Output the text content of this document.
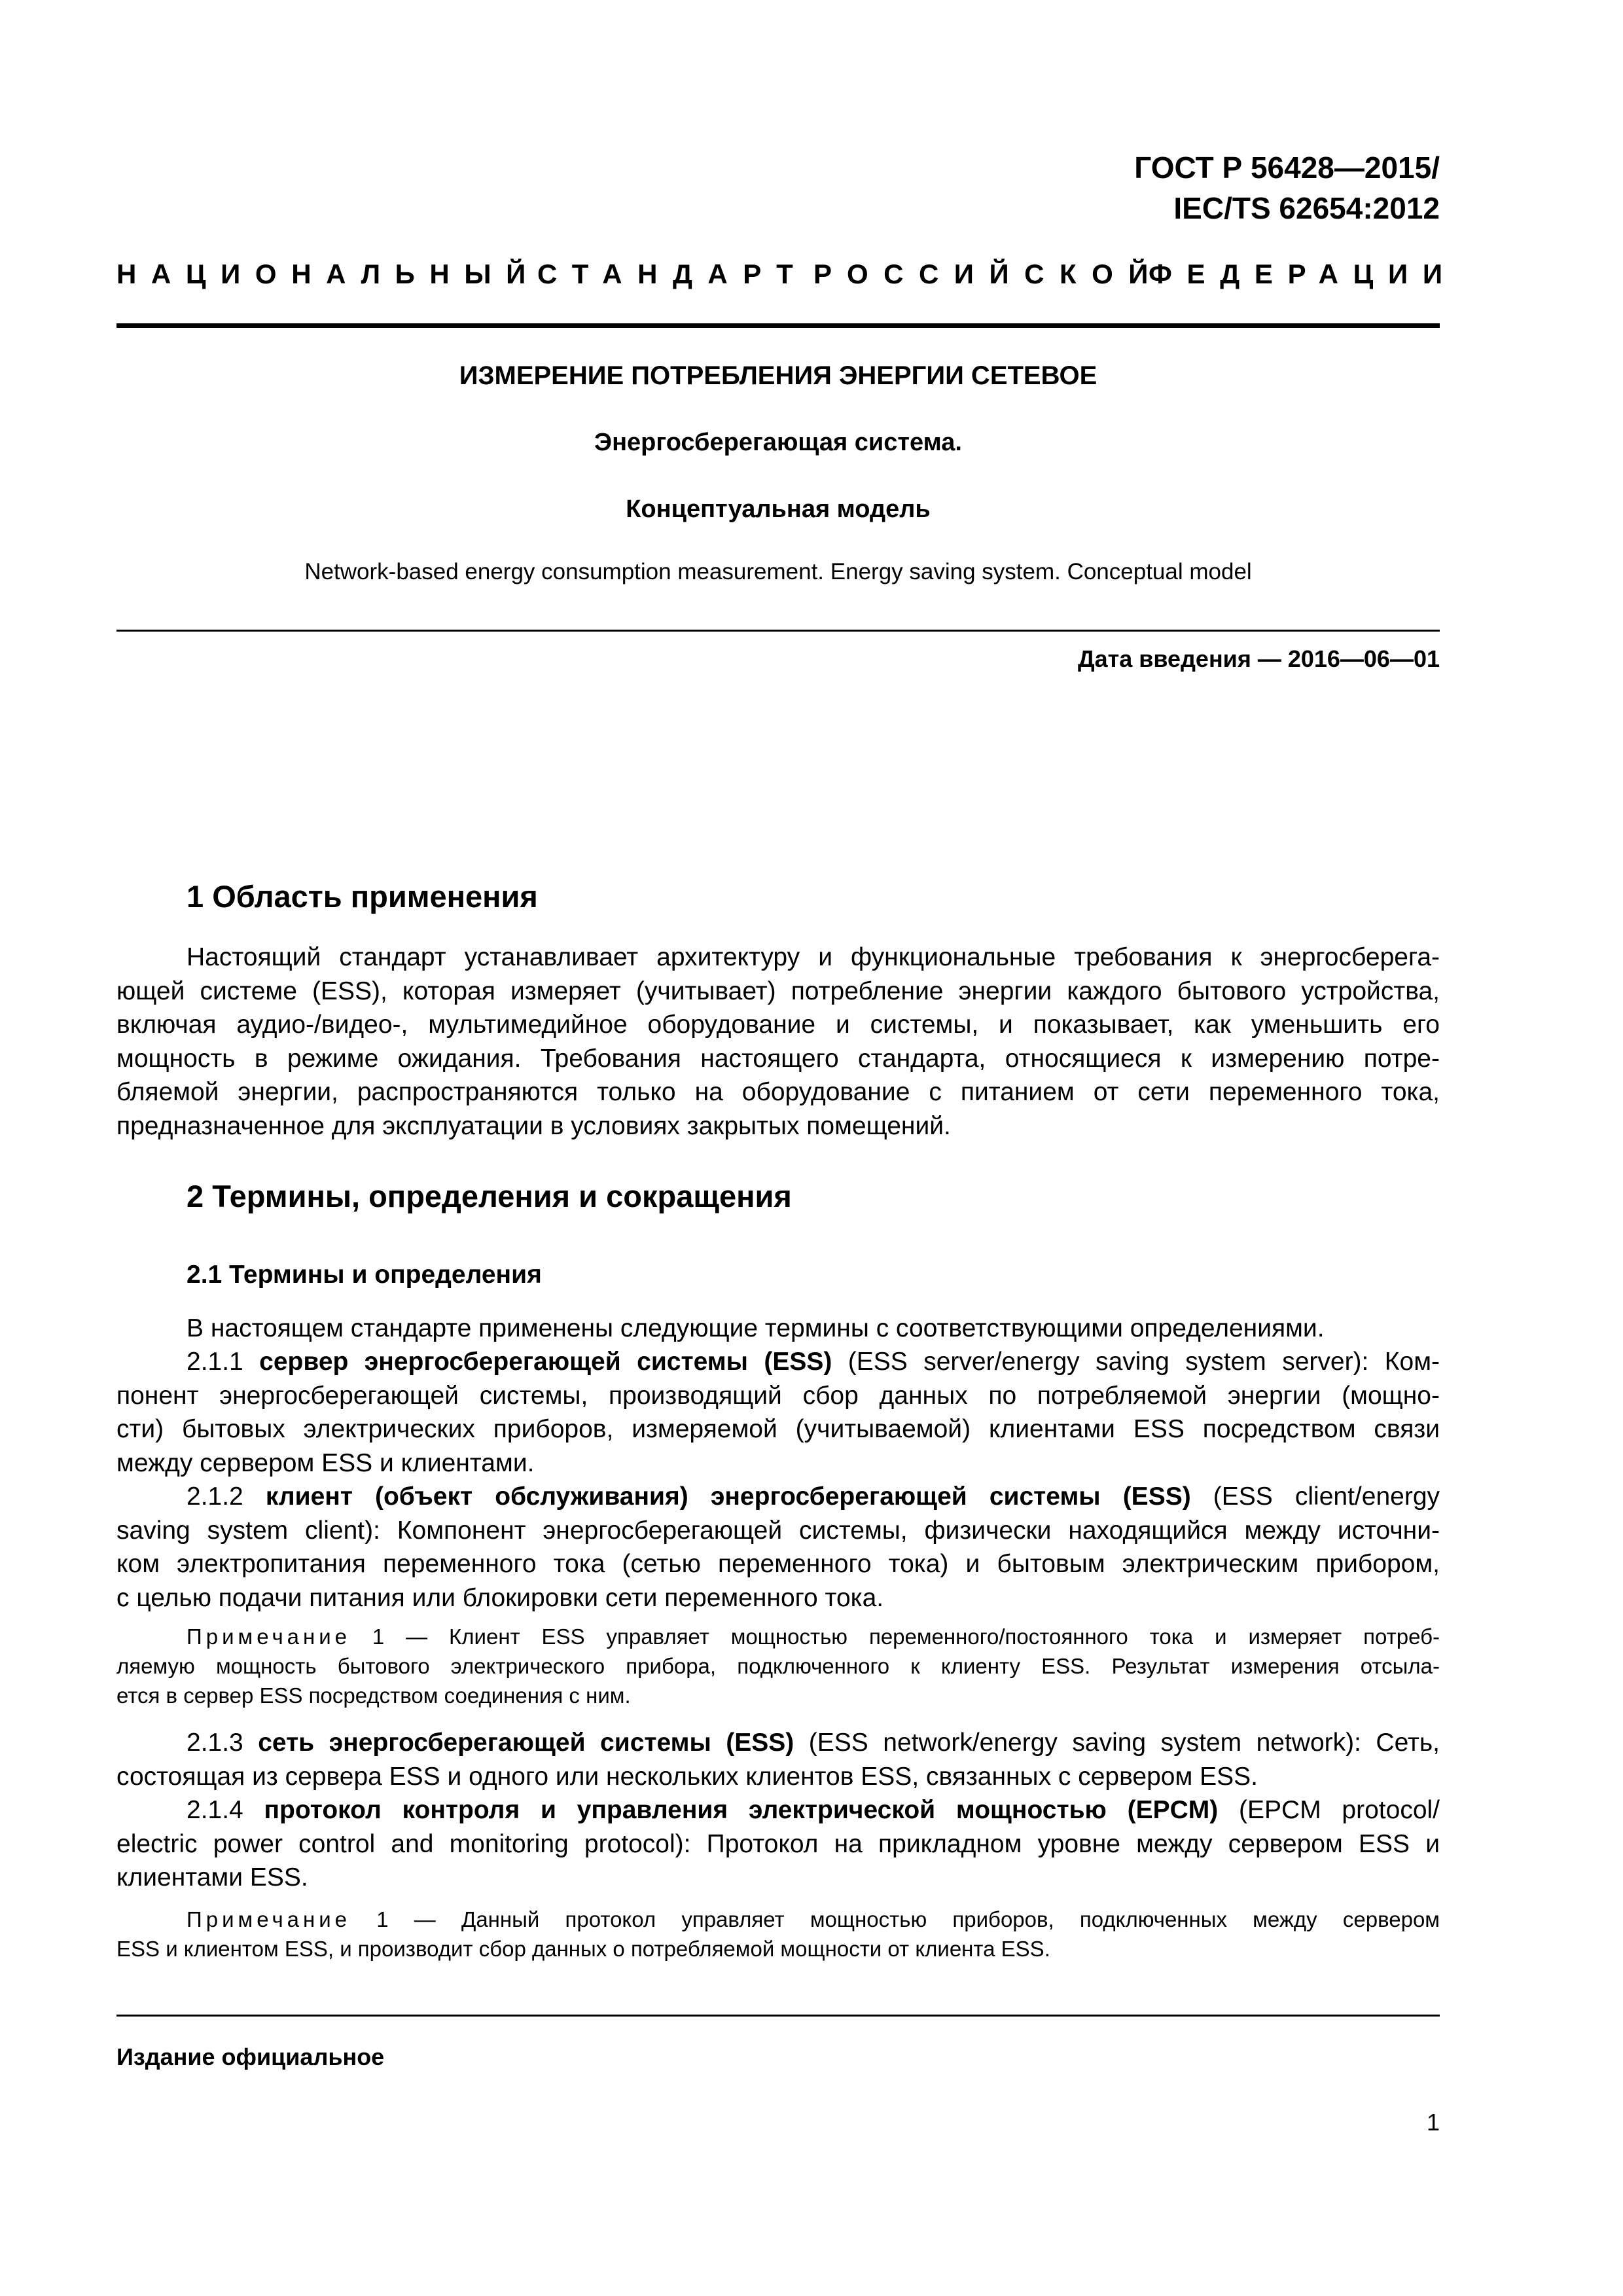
ГОСТ Р 56428—2015/
IEC/TS 62654:2012
НАЦИОНАЛЬНЫЙ
СТАНДАРТ РОССИЙСКОЙ
ФЕДЕРАЦИИ
ИЗМЕРЕНИЕ ПОТРЕБЛЕНИЯ ЭНЕРГИИ СЕТЕВОЕ
Энергосберегающая система.
Концептуальная модель
Network-based energy consumption measurement. Energy saving system. Conceptual model
Дата введения — 2016—06—01
1 Область применения
Настоящий стандарт устанавливает архитектуру и функциональные требования к энергосберега-
ющей системе (ESS), которая измеряет (учитывает) потребление энергии каждого бытового устройства,
включая аудио-/видео-, мультимедийное оборудование и системы, и показывает, как уменьшить его
мощность в режиме ожидания. Требования настоящего стандарта, относящиеся к измерению потре-
бляемой энергии, распространяются только на оборудование с питанием от сети переменного тока,
предназначенное для эксплуатации в условиях закрытых помещений.
2 Термины, определения и сокращения
2.1 Термины и определения
В настоящем стандарте применены следующие термины с соответствующими определениями.
2.1.1 сервер энергосберегающей системы (ESS) (ESS server/energy saving system server): Ком-
понент энергосберегающей системы, производящий сбор данных по потребляемой энергии (мощно-
сти) бытовых электрических приборов, измеряемой (учитываемой) клиентами ESS посредством связи
между сервером ESS и клиентами.
2.1.2 клиент (объект обслуживания) энергосберегающей системы (ESS) (ESS client/energy
saving system client): Компонент энергосберегающей системы, физически находящийся между источни-
ком электропитания переменного тока (сетью переменного тока) и бытовым электрическим прибором,
с целью подачи питания или блокировки сети переменного тока.
Примечание 1 — Клиент ESS управляет мощностью переменного/постоянного тока и измеряет потреб-
ляемую мощность бытового электрического прибора, подключенного к клиенту ESS. Результат измерения отсыла-
ется в сервер ESS посредством соединения с ним.
2.1.3 сеть энергосберегающей системы (ESS) (ESS network/energy saving system network): Сеть,
состоящая из сервера ESS и одного или нескольких клиентов ESS, связанных с сервером ESS.
2.1.4 протокол контроля и управления электрической мощностью (EPCM) (EPCM protocol/
electric power control and monitoring protocol): Протокол на прикладном уровне между сервером ESS и
клиентами ESS.
Примечание 1 — Данный протокол управляет мощностью приборов, подключенных между сервером
ESS и клиентом ESS, и производит сбор данных о потребляемой мощности от клиента ESS.
Издание официальное
1
